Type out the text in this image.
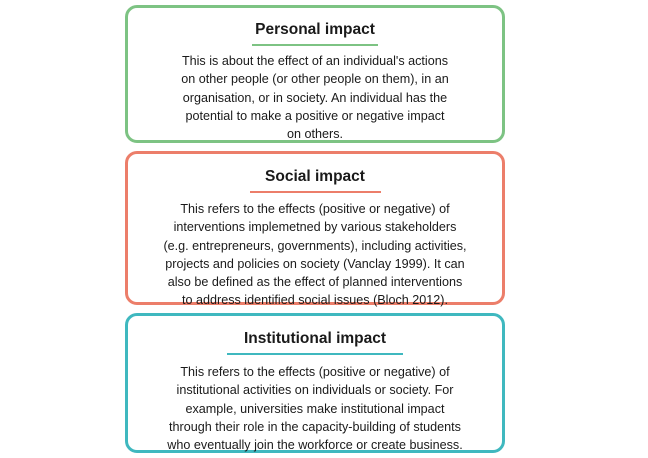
Personal impact
This is about the effect of an individual's actions
on other people (or other people on them), in an
organisation, or in society. An individual has the
potential to make a positive or negative impact
on others.
Social impact
This refers to the effects (positive or negative) of
interventions implemetned by various stakeholders
(e.g. entrepreneurs, governments), including activities,
projects and policies on society (Vanclay 1999). It can
also be defined as the effect of planned interventions
to address identified social issues (Bloch 2012).
Institutional impact
This refers to the effects (positive or negative) of
institutional activities on individuals or society. For
example, universities make institutional impact
through their role in the capacity-building of students
who eventually join the workforce or create business.
